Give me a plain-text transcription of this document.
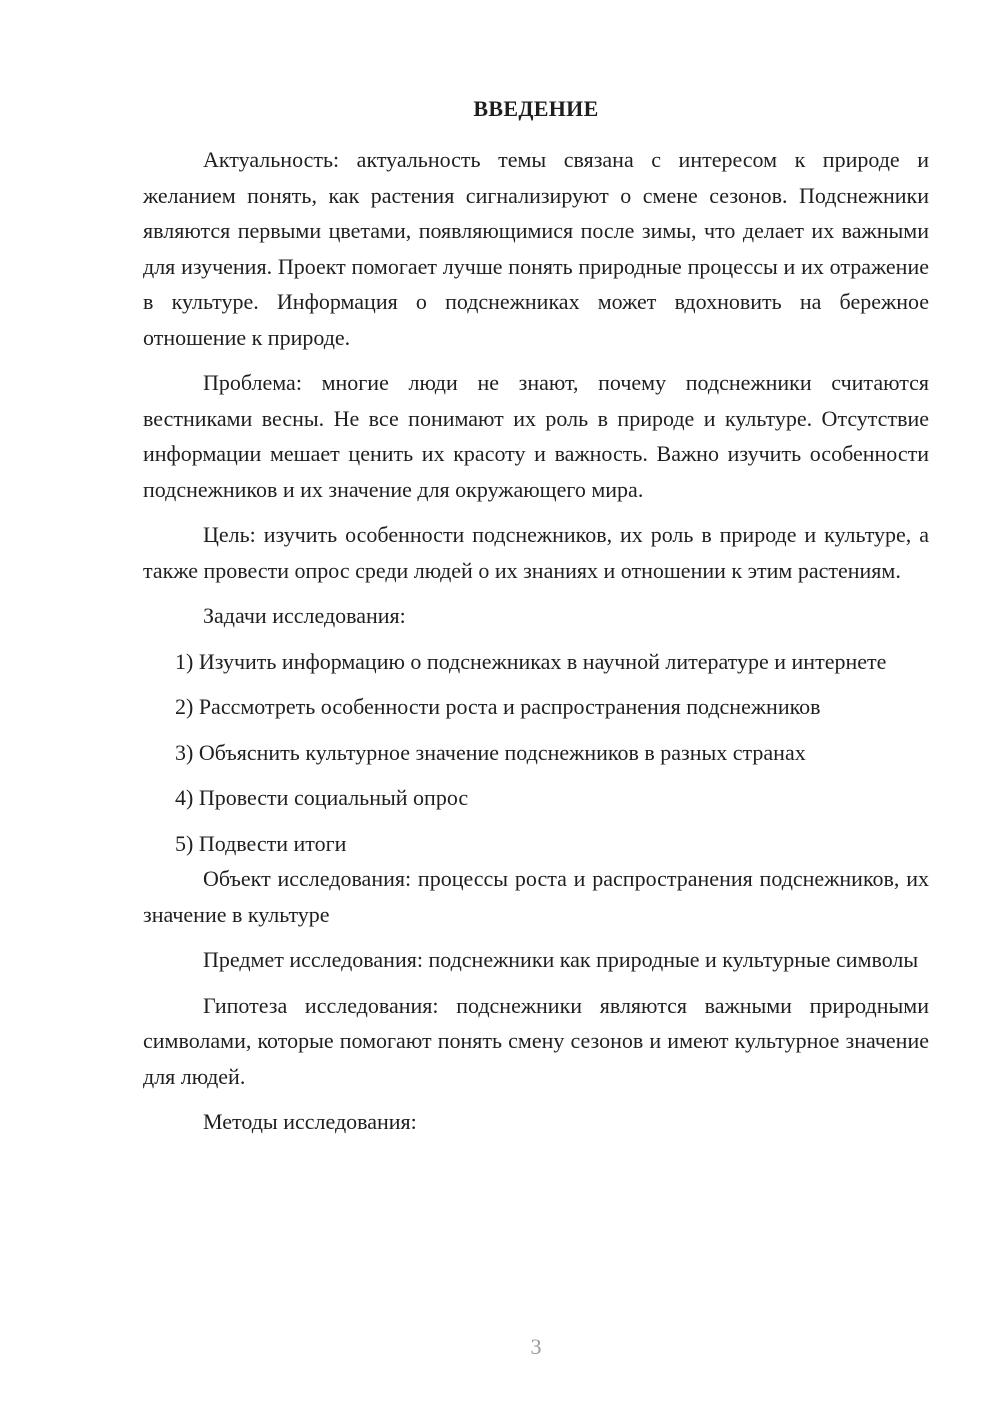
ВВЕДЕНИЕ

Актуальность: актуальность темы связана с интересом к природе и желанием понять, как растения сигнализируют о смене сезонов. Подснежники являются первыми цветами, появляющимися после зимы, что делает их важными для изучения. Проект помогает лучше понять природные процессы и их отражение в культуре. Информация о подснежниках может вдохновить на бережное отношение к природе.

Проблема: многие люди не знают, почему подснежники считаются вестниками весны. Не все понимают их роль в природе и культуре. Отсутствие информации мешает ценить их красоту и важность. Важно изучить особенности подснежников и их значение для окружающего мира.

Цель: изучить особенности подснежников, их роль в природе и культуре, а также провести опрос среди людей о их знаниях и отношении к этим растениям.

Задачи исследования:

1) Изучить информацию о подснежниках в научной литературе и интернете

2) Рассмотреть особенности роста и распространения подснежников

3) Объяснить культурное значение подснежников в разных странах

4) Провести социальный опрос

5) Подвести итоги

Объект исследования: процессы роста и распространения подснежников, их значение в культуре

Предмет исследования: подснежники как природные и культурные символы

Гипотеза исследования: подснежники являются важными природными символами, которые помогают понять смену сезонов и имеют культурное значение для людей.

Методы исследования:

3
